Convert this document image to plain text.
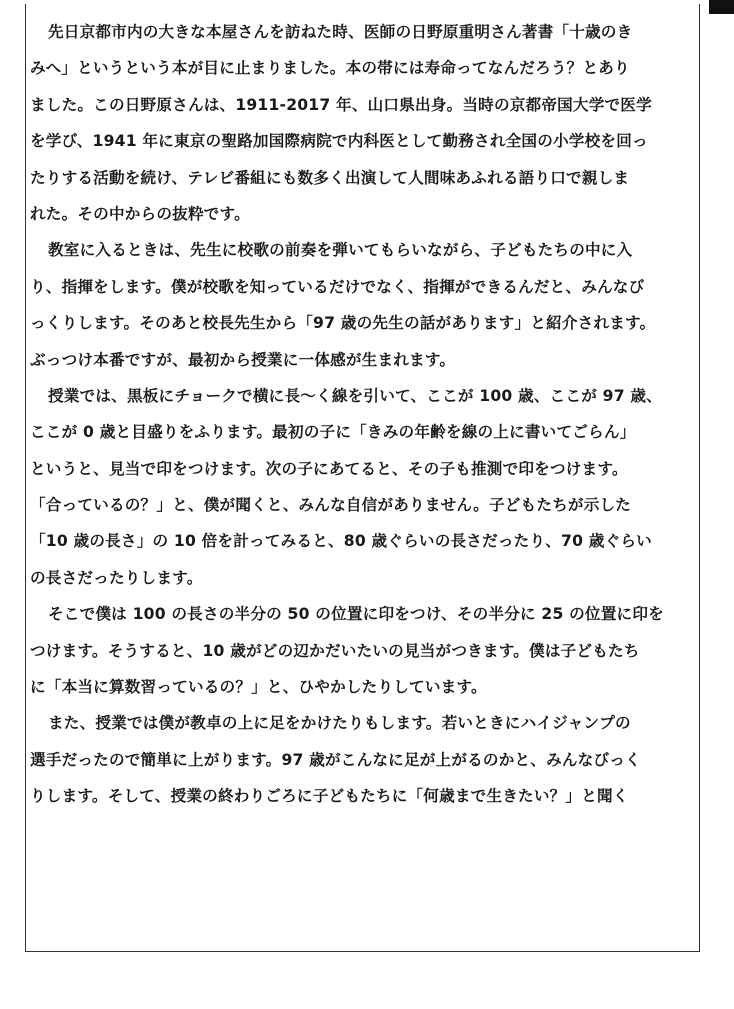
先日京都市内の大きな本屋さんを訪ねた時、医師の日野原重明さん著書「十歳のき
みへ」というという本が目に止まりました。本の帯には寿命ってなんだろう？とあり
ました。この日野原さんは、1911-2017 年、山口県出身。当時の京都帝国大学で医学
を学び、1941 年に東京の聖路加国際病院で内科医として勤務され全国の小学校を回っ
たりする活動を続け、テレビ番組にも数多く出演して人間味あふれる語り口で親しま
れた。その中からの抜粋です。
教室に入るときは、先生に校歌の前奏を弾いてもらいながら、子どもたちの中に入
り、指揮をします。僕が校歌を知っているだけでなく、指揮ができるんだと、みんなび
っくりします。そのあと校長先生から「97 歳の先生の話があります」と紹介されます。
ぶっつけ本番ですが、最初から授業に一体感が生まれます。
授業では、黒板にチョークで横に長～く線を引いて、ここが 100 歳、ここが 97 歳、
ここが 0 歳と目盛りをふります。最初の子に「きみの年齢を線の上に書いてごらん」
というと、見当で印をつけます。次の子にあてると、その子も推測で印をつけます。
「合っているの？」と、僕が聞くと、みんな自信がありません。子どもたちが示した
「10 歳の長さ」の 10 倍を計ってみると、80 歳ぐらいの長さだったり、70 歳ぐらい
の長さだったりします。
そこで僕は 100 の長さの半分の 50 の位置に印をつけ、その半分に 25 の位置に印を
つけます。そうすると、10 歳がどの辺かだいたいの見当がつきます。僕は子どもたち
に「本当に算数習っているの？」と、ひやかしたりしています。
また、授業では僕が教卓の上に足をかけたりもします。若いときにハイジャンプの
選手だったので簡単に上がります。97 歳がこんなに足が上がるのかと、みんなびっく
りします。そして、授業の終わりごろに子どもたちに「何歳まで生きたい？」と聞く
